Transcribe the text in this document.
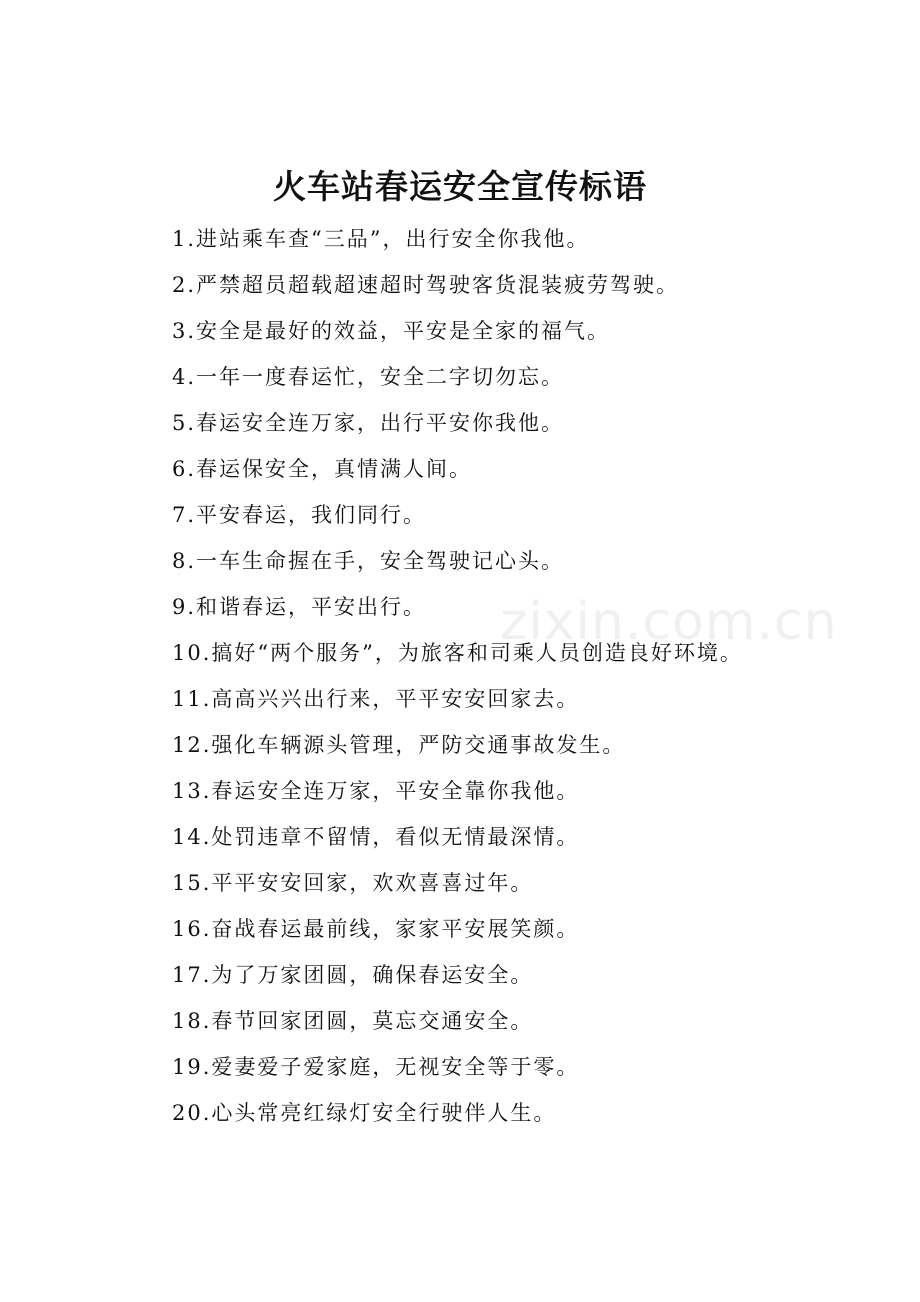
火车站春运安全宣传标语
1.进站乘车查“三品”，出行安全你我他。
2.严禁超员超载超速超时驾驶客货混装疲劳驾驶。
3.安全是最好的效益，平安是全家的福气。
4.一年一度春运忙，安全二字切勿忘。
5.春运安全连万家，出行平安你我他。
6.春运保安全，真情满人间。
7.平安春运，我们同行。
8.一车生命握在手，安全驾驶记心头。
9.和谐春运，平安出行。
10.搞好“两个服务”，为旅客和司乘人员创造良好环境。
11.高高兴兴出行来，平平安安回家去。
12.强化车辆源头管理，严防交通事故发生。
13.春运安全连万家，平安全靠你我他。
14.处罚违章不留情，看似无情最深情。
15.平平安安回家，欢欢喜喜过年。
16.奋战春运最前线，家家平安展笑颜。
17.为了万家团圆，确保春运安全。
18.春节回家团圆，莫忘交通安全。
19.爱妻爱子爱家庭，无视安全等于零。
20.心头常亮红绿灯安全行驶伴人生。
zixin.com.cn
